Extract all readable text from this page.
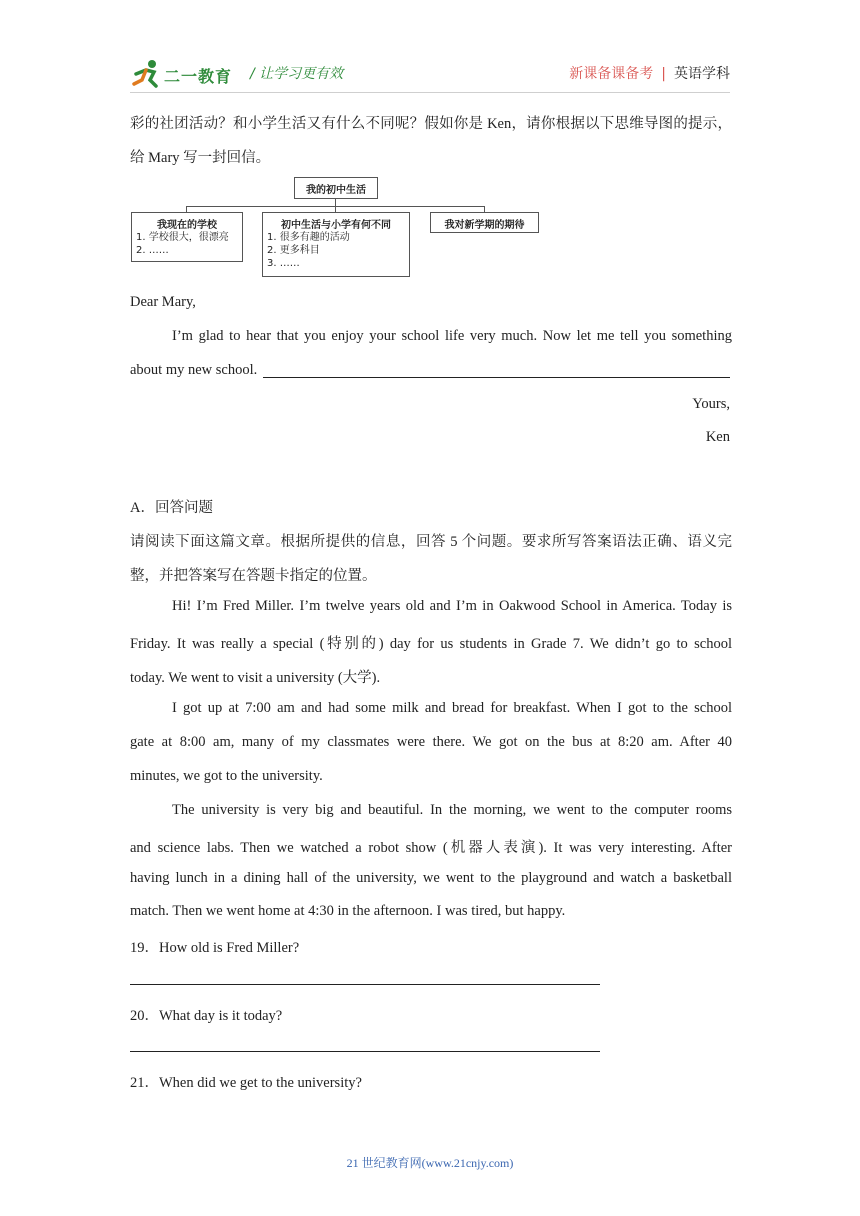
二一教育 / 让学习更有效	新课备课备考 | 英语学科
彩的社团活动？和小学生活又有什么不同呢？假如你是 Ken，请你根据以下思维导图的提示，
给 Mary 写一封回信。
我的初中生活
我现在的学校
1. 学校很大，很漂亮
2. ……
初中生活与小学有何不同
1. 很多有趣的活动
2. 更多科目
3. ……
我对新学期的期待
Dear Mary,
I’m glad to hear that you enjoy your school life very much. Now let me tell you something
about my new school.
Yours,
Ken
A．回答问题
请阅读下面这篇文章。根据所提供的信息，回答 5 个问题。要求所写答案语法正确、语义完
整，并把答案写在答题卡指定的位置。
Hi! I’m Fred Miller. I’m twelve years old and I’m in Oakwood School in America. Today is
Friday. It was really a special (特别的) day for us students in Grade 7. We didn’t go to school
today. We went to visit a university (大学).
I got up at 7:00 am and had some milk and bread for breakfast. When I got to the school
gate at 8:00 am, many of my classmates were there. We got on the bus at 8:20 am. After 40
minutes, we got to the university.
The university is very big and beautiful. In the morning, we went to the computer rooms
and science labs. Then we watched a robot show (机器人表演). It was very interesting. After
having lunch in a dining hall of the university, we went to the playground and watch a basketball
match. Then we went home at 4:30 in the afternoon. I was tired, but happy.
19．How old is Fred Miller?
20．What day is it today?
21．When did we get to the university?
21 世纪教育网(www.21cnjy.com)
